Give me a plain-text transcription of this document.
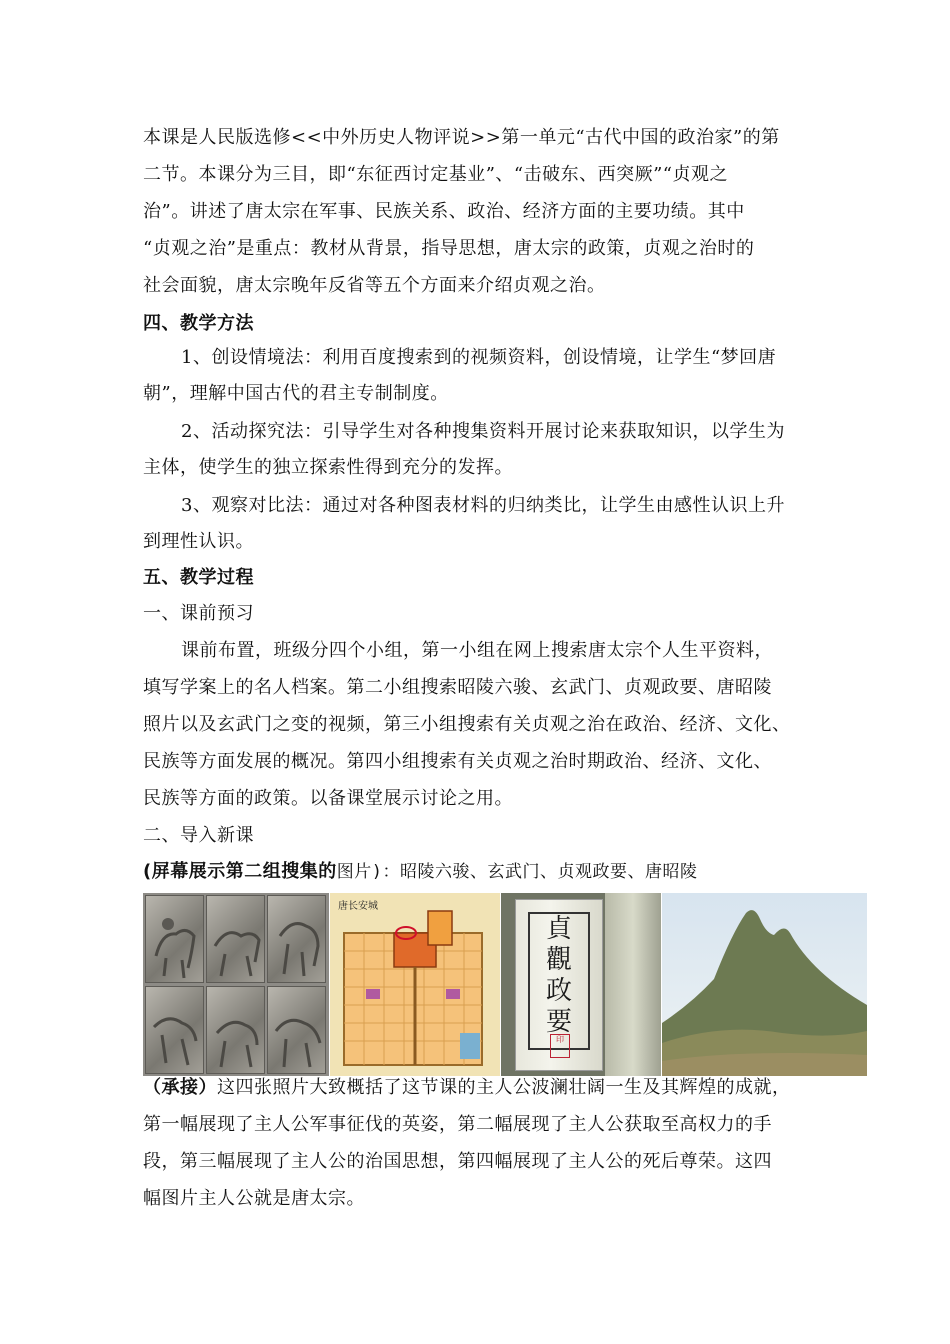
本课是人民版选修<<中外历史人物评说>>第一单元“古代中国的政治家”的第
二节。本课分为三目，即“东征西讨定基业”、“击破东、西突厥”“贞观之
治”。讲述了唐太宗在军事、民族关系、政治、经济方面的主要功绩。其中
“贞观之治”是重点：教材从背景，指导思想，唐太宗的政策，贞观之治时的
社会面貌，唐太宗晚年反省等五个方面来介绍贞观之治。
四、教学方法
1、创设情境法：利用百度搜索到的视频资料，创设情境，让学生“梦回唐
朝”，理解中国古代的君主专制制度。
2、活动探究法：引导学生对各种搜集资料开展讨论来获取知识，以学生为
主体，使学生的独立探索性得到充分的发挥。
3、观察对比法：通过对各种图表材料的归纳类比，让学生由感性认识上升
到理性认识。
五、教学过程
一、课前预习
课前布置，班级分四个小组，第一小组在网上搜索唐太宗个人生平资料，
填写学案上的名人档案。第二小组搜索昭陵六骏、玄武门、贞观政要、唐昭陵
照片以及玄武门之变的视频，第三小组搜索有关贞观之治在政治、经济、文化、
民族等方面发展的概况。第四小组搜索有关贞观之治时期政治、经济、文化、
民族等方面的政策。以备课堂展示讨论之用。
二、导入新课
(屏幕展示第二组搜集的图片)：昭陵六骏、玄武门、贞观政要、唐昭陵
唐长安城
貞
觀
政
要
印
（承接）这四张照片大致概括了这节课的主人公波澜壮阔一生及其辉煌的成就，
第一幅展现了主人公军事征伐的英姿，第二幅展现了主人公获取至高权力的手
段，第三幅展现了主人公的治国思想，第四幅展现了主人公的死后尊荣。这四
幅图片主人公就是唐太宗。
